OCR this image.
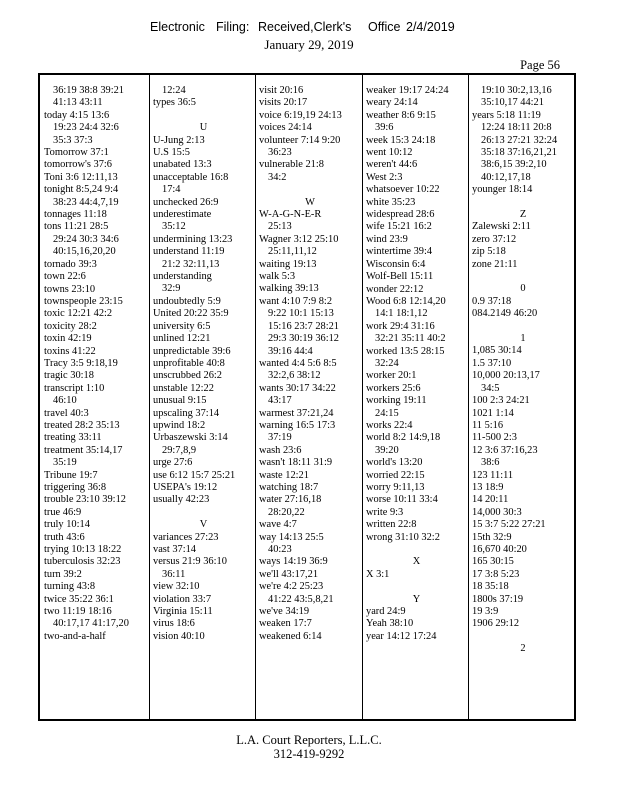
Electronic Filing: Received,Clerk's Office 2/4/2019
January 29, 2019
Page 56
36:19 38:8 39:21
41:13 43:11
today 4:15 13:6
19:23 24:4 32:6
35:3 37:3
Tomorrow 37:1
tomorrow's 37:6
Toni 3:6 12:11,13
tonight 8:5,24 9:4
38:23 44:4,7,19
tonnages 11:18
tons 11:21 28:5
29:24 30:3 34:6
40:15,16,20,20
tornado 39:3
town 22:6
towns 23:10
townspeople 23:15
toxic 12:21 42:2
toxicity 28:2
toxin 42:19
toxins 41:22
Tracy 3:5 9:18,19
tragic 30:18
transcript 1:10
46:10
travel 40:3
treated 28:2 35:13
treating 33:11
treatment 35:14,17
35:19
Tribune 19:7
triggering 36:8
trouble 23:10 39:12
true 46:9
truly 10:14
truth 43:6
trying 10:13 18:22
tuberculosis 32:23
turn 39:2
turning 43:8
twice 35:22 36:1
two 11:19 18:16
40:17,17 41:17,20
two-and-a-half
12:24
types 36:5
U
U-Jung 2:13
U.S 15:5
unabated 13:3
unacceptable 16:8
17:4
unchecked 26:9
underestimate
35:12
undermining 13:23
understand 11:19
21:2 32:11,13
understanding
32:9
undoubtedly 5:9
United 20:22 35:9
university 6:5
unlined 12:21
unpredictable 39:6
unprofitable 40:8
unscrubbed 26:2
unstable 12:22
unusual 9:15
upscaling 37:14
upwind 18:2
Urbaszewski 3:14
29:7,8,9
urge 27:6
use 6:12 15:7 25:21
USEPA's 19:12
usually 42:23
V
variances 27:23
vast 37:14
versus 21:9 36:10
36:11
view 32:10
violation 33:7
Virginia 15:11
virus 18:6
vision 40:10
visit 20:16
visits 20:17
voice 6:19,19 24:13
voices 24:14
volunteer 7:14 9:20
36:23
vulnerable 21:8
34:2
W
W-A-G-N-E-R
25:13
Wagner 3:12 25:10
25:11,11,12
waiting 19:13
walk 5:3
walking 39:13
want 4:10 7:9 8:2
9:22 10:1 15:13
15:16 23:7 28:21
29:3 30:19 36:12
39:16 44:4
wanted 4:4 5:6 8:5
32:2,6 38:12
wants 30:17 34:22
43:17
warmest 37:21,24
warning 16:5 17:3
37:19
wash 23:6
wasn't 18:11 31:9
waste 12:21
watching 18:7
water 27:16,18
28:20,22
wave 4:7
way 14:13 25:5
40:23
ways 14:19 36:9
we'll 43:17,21
we're 4:2 25:23
41:22 43:5,8,21
we've 34:19
weaken 17:7
weakened 6:14
weaker 19:17 24:24
weary 24:14
weather 8:6 9:15
39:6
week 15:3 24:18
went 10:12
weren't 44:6
West 2:3
whatsoever 10:22
white 35:23
widespread 28:6
wife 15:21 16:2
wind 23:9
wintertime 39:4
Wisconsin 6:4
Wolf-Bell 15:11
wonder 22:12
Wood 6:8 12:14,20
14:1 18:1,12
work 29:4 31:16
32:21 35:11 40:2
worked 13:5 28:15
32:24
worker 20:1
workers 25:6
working 19:11
24:15
works 22:4
world 8:2 14:9,18
39:20
world's 13:20
worried 22:15
worry 9:11,13
worse 10:11 33:4
write 9:3
written 22:8
wrong 31:10 32:2
X
X 3:1
Y
yard 24:9
Yeah 38:10
year 14:12 17:24
19:10 30:2,13,16
35:10,17 44:21
years 5:18 11:19
12:24 18:11 20:8
26:13 27:21 32:24
35:18 37:16,21,21
38:6,15 39:2,10
40:12,17,18
younger 18:14
Z
Zalewski 2:11
zero 37:12
zip 5:18
zone 21:11
0
0.9 37:18
084.2149 46:20
1
1,085 30:14
1.5 37:10
10,000 20:13,17
34:5
100 2:3 24:21
1021 1:14
11 5:16
11-500 2:3
12 3:6 37:16,23
38:6
123 11:11
13 18:9
14 20:11
14,000 30:3
15 3:7 5:22 27:21
15th 32:9
16,670 40:20
165 30:15
17 3:8 5:23
18 35:18
1800s 37:19
19 3:9
1906 29:12
2
L.A. Court Reporters, L.L.C.
312-419-9292
